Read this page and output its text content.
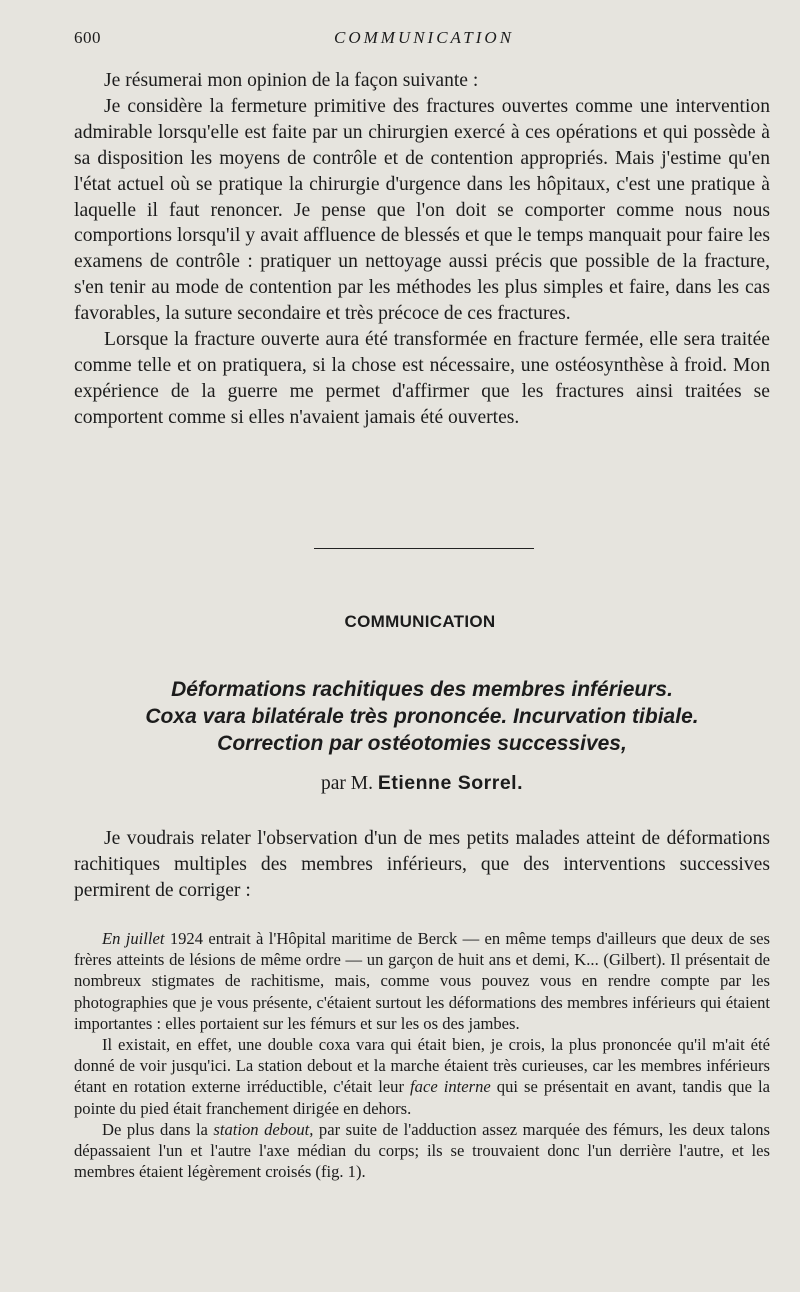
600	COMMUNICATION

Je résumerai mon opinion de la façon suivante :

Je considère la fermeture primitive des fractures ouvertes comme une intervention admirable lorsqu'elle est faite par un chirurgien exercé à ces opérations et qui possède à sa disposition les moyens de contrôle et de contention appropriés. Mais j'estime qu'en l'état actuel où se pratique la chirurgie d'urgence dans les hôpitaux, c'est une pratique à laquelle il faut renoncer. Je pense que l'on doit se comporter comme nous nous comportions lorsqu'il y avait affluence de blessés et que le temps manquait pour faire les examens de contrôle : pratiquer un nettoyage aussi précis que possible de la fracture, s'en tenir au mode de contention par les méthodes les plus simples et faire, dans les cas favorables, la suture secondaire et très précoce de ces fractures.

Lorsque la fracture ouverte aura été transformée en fracture fermée, elle sera traitée comme telle et on pratiquera, si la chose est nécessaire, une ostéosynthèse à froid. Mon expérience de la guerre me permet d'affirmer que les fractures ainsi traitées se comportent comme si elles n'avaient jamais été ouvertes.

COMMUNICATION
Déformations rachitiques des membres inférieurs.
Coxa vara bilatérale très prononcée. Incurvation tibiale.
Correction par ostéotomies successives,
par M. Etienne Sorrel.

Je voudrais relater l'observation d'un de mes petits malades atteint de déformations rachitiques multiples des membres inférieurs, que des interventions successives permirent de corriger :

En juillet 1924 entrait à l'Hôpital maritime de Berck — en même temps d'ailleurs que deux de ses frères atteints de lésions de même ordre — un garçon de huit ans et demi, K... (Gilbert). Il présentait de nombreux stigmates de rachitisme, mais, comme vous pouvez vous en rendre compte par les photographies que je vous présente, c'étaient surtout les déformations des membres inférieurs qui étaient importantes : elles portaient sur les fémurs et sur les os des jambes.

Il existait, en effet, une double coxa vara qui était bien, je crois, la plus prononcée qu'il m'ait été donné de voir jusqu'ici. La station debout et la marche étaient très curieuses, car les membres inférieurs étant en rotation externe irréductible, c'était leur face interne qui se présentait en avant, tandis que la pointe du pied était franchement dirigée en dehors.

De plus dans la station debout, par suite de l'adduction assez marquée des fémurs, les deux talons dépassaient l'un et l'autre l'axe médian du corps; ils se trouvaient donc l'un derrière l'autre, et les membres étaient légèrement croisés (fig. 1).
